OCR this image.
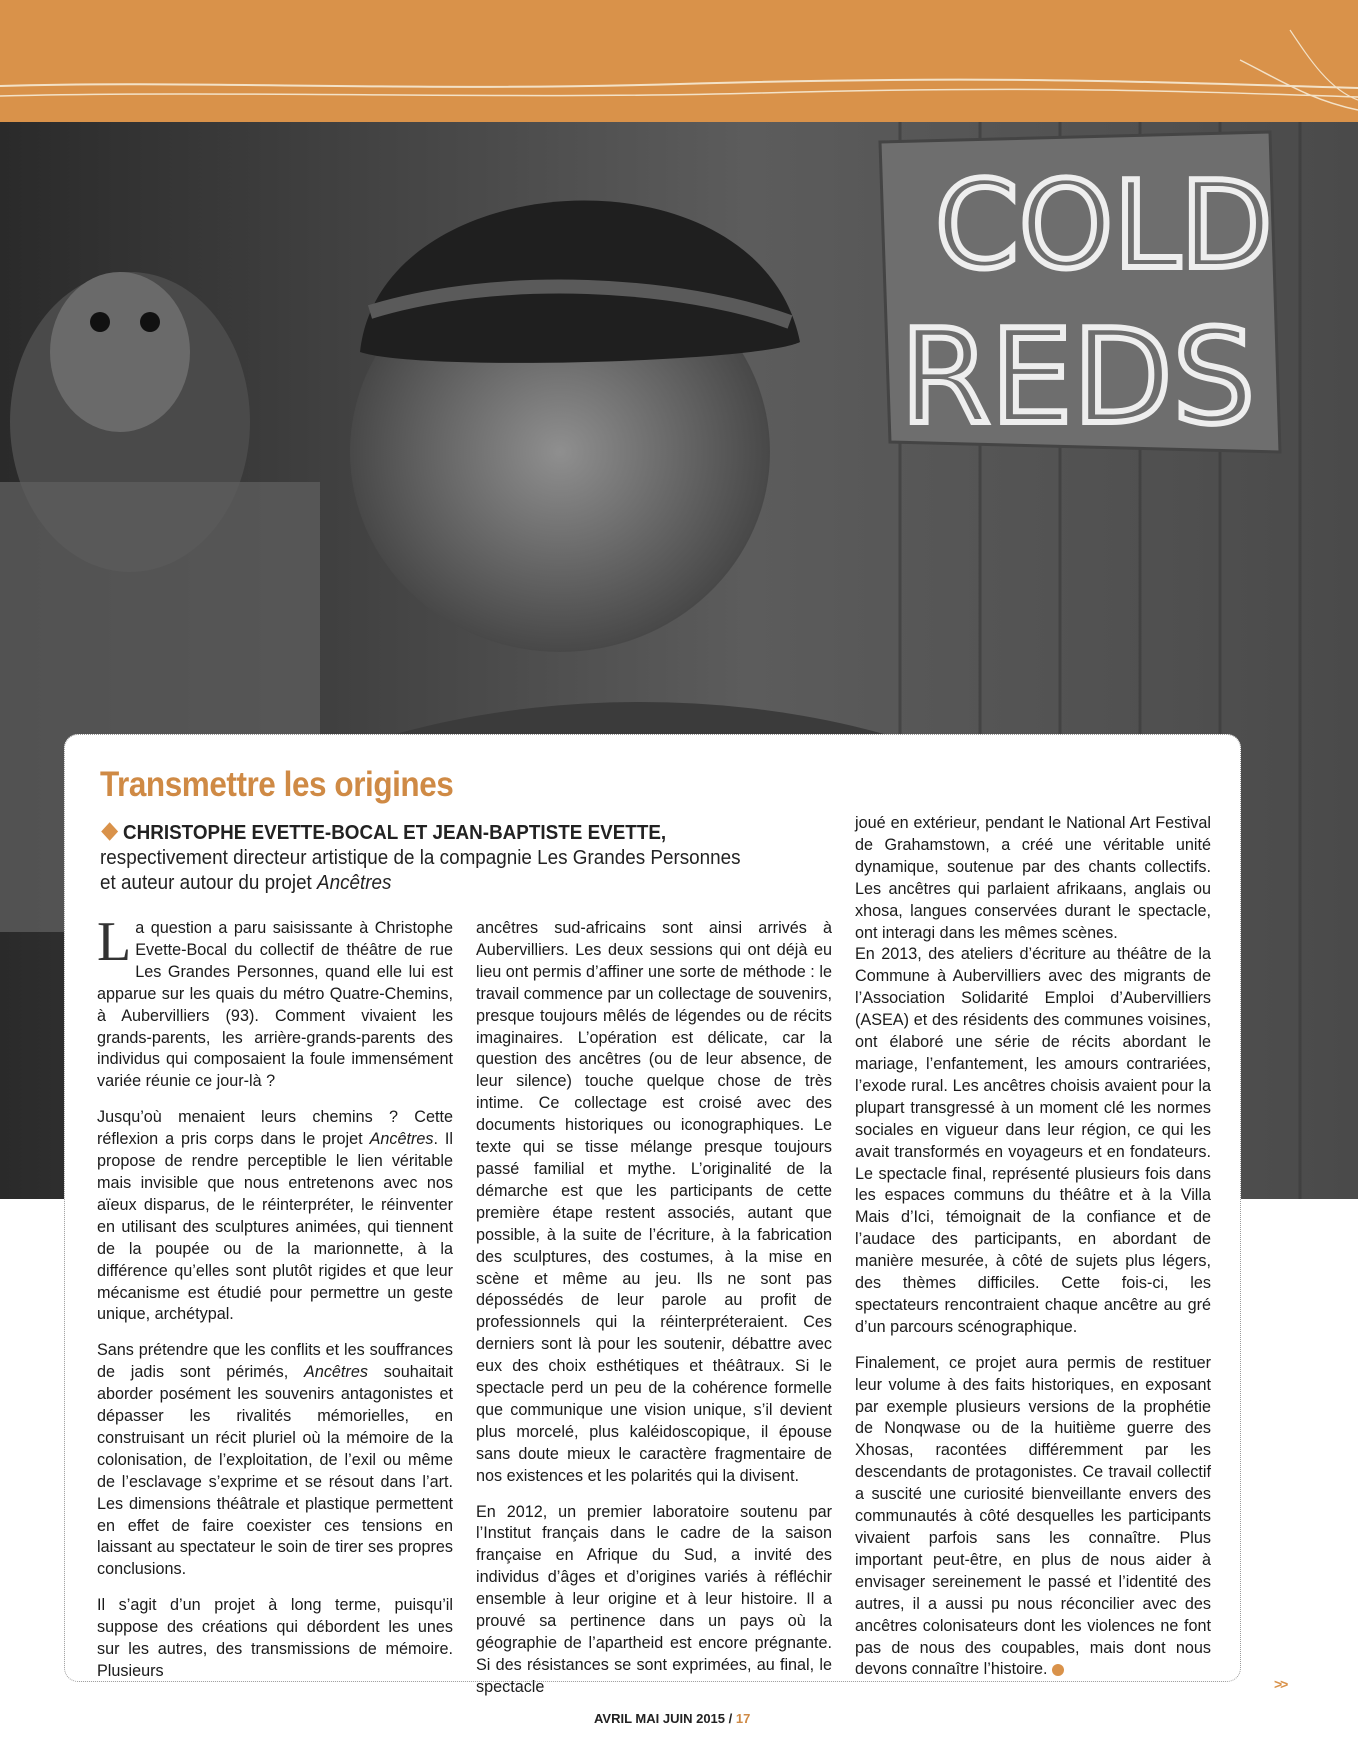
COLD
REDS
Transmettre les origines
CHRISTOPHE EVETTE-BOCAL ET JEAN-BAPTISTE EVETTE, respectivement directeur artistique de la compagnie Les Grandes Personnes et auteur autour du projet Ancêtres

La question a paru saisissante à Christophe Evette-Bocal du collectif de théâtre de rue Les Grandes Personnes, quand elle lui est apparue sur les quais du métro Quatre-Chemins, à Aubervilliers (93). Comment vivaient les grands-parents, les arrière-grands-parents des individus qui composaient la foule immensément variée réunie ce jour-là ?

Jusqu’où menaient leurs chemins ? Cette réflexion a pris corps dans le projet Ancêtres. Il propose de rendre perceptible le lien véritable mais invisible que nous entretenons avec nos aïeux disparus, de le réinterpréter, le réinventer en utilisant des sculptures animées, qui tiennent de la poupée ou de la marionnette, à la différence qu’elles sont plutôt rigides et que leur mécanisme est étudié pour permettre un geste unique, archétypal.

Sans prétendre que les conflits et les souffrances de jadis sont périmés, Ancêtres souhaitait aborder posément les souvenirs antagonistes et dépasser les rivalités mémorielles, en construisant un récit pluriel où la mémoire de la colonisation, de l’exploitation, de l’exil ou même de l’esclavage s’exprime et se résout dans l’art. Les dimensions théâtrale et plastique permettent en effet de faire coexister ces tensions en laissant au spectateur le soin de tirer ses propres conclusions.

Il s’agit d’un projet à long terme, puisqu’il suppose des créations qui débordent les unes sur les autres, des transmissions de mémoire. Plusieurs

ancêtres sud-africains sont ainsi arrivés à Aubervilliers. Les deux sessions qui ont déjà eu lieu ont permis d’affiner une sorte de méthode : le travail commence par un collectage de souvenirs, presque toujours mêlés de légendes ou de récits imaginaires. L’opération est délicate, car la question des ancêtres (ou de leur absence, de leur silence) touche quelque chose de très intime. Ce collectage est croisé avec des documents historiques ou iconographiques. Le texte qui se tisse mélange presque toujours passé familial et mythe. L’originalité de la démarche est que les participants de cette première étape restent associés, autant que possible, à la suite de l’écriture, à la fabrication des sculptures, des costumes, à la mise en scène et même au jeu. Ils ne sont pas dépossédés de leur parole au profit de professionnels qui la réinterpréteraient. Ces derniers sont là pour les soutenir, débattre avec eux des choix esthétiques et théâtraux. Si le spectacle perd un peu de la cohérence formelle que communique une vision unique, s’il devient plus morcelé, plus kaléidoscopique, il épouse sans doute mieux le caractère fragmentaire de nos existences et les polarités qui la divisent.

En 2012, un premier laboratoire soutenu par l’Institut français dans le cadre de la saison française en Afrique du Sud, a invité des individus d’âges et d’origines variés à réfléchir ensemble à leur origine et à leur histoire. Il a prouvé sa pertinence dans un pays où la géographie de l’apartheid est encore prégnante. Si des résistances se sont exprimées, au final, le spectacle

joué en extérieur, pendant le National Art Festival de Grahamstown, a créé une véritable unité dynamique, soutenue par des chants collectifs. Les ancêtres qui parlaient afrikaans, anglais ou xhosa, langues conservées durant le spectacle, ont interagi dans les mêmes scènes.

En 2013, des ateliers d’écriture au théâtre de la Commune à Aubervilliers avec des migrants de l’Association Solidarité Emploi d’Aubervilliers (ASEA) et des résidents des communes voisines, ont élaboré une série de récits abordant le mariage, l’enfantement, les amours contrariées, l’exode rural. Les ancêtres choisis avaient pour la plupart transgressé à un moment clé les normes sociales en vigueur dans leur région, ce qui les avait transformés en voyageurs et en fondateurs. Le spectacle final, représenté plusieurs fois dans les espaces communs du théâtre et à la Villa Mais d’Ici, témoignait de la confiance et de l’audace des participants, en abordant de manière mesurée, à côté de sujets plus légers, des thèmes difficiles. Cette fois-ci, les spectateurs rencontraient chaque ancêtre au gré d’un parcours scénographique.

Finalement, ce projet aura permis de restituer leur volume à des faits historiques, en exposant par exemple plusieurs versions de la prophétie de Nonqwase ou de la huitième guerre des Xhosas, racontées différemment par les descendants de protagonistes. Ce travail collectif a suscité une curiosité bienveillante envers des communautés à côté desquelles les participants vivaient parfois sans les connaître. Plus important peut-être, en plus de nous aider à envisager sereinement le passé et l’identité des autres, il a aussi pu nous réconcilier avec des ancêtres colonisateurs dont les violences ne font pas de nous des coupables, mais dont nous devons connaître l’histoire.

>>
AVRIL MAI JUIN 2015 / 17
